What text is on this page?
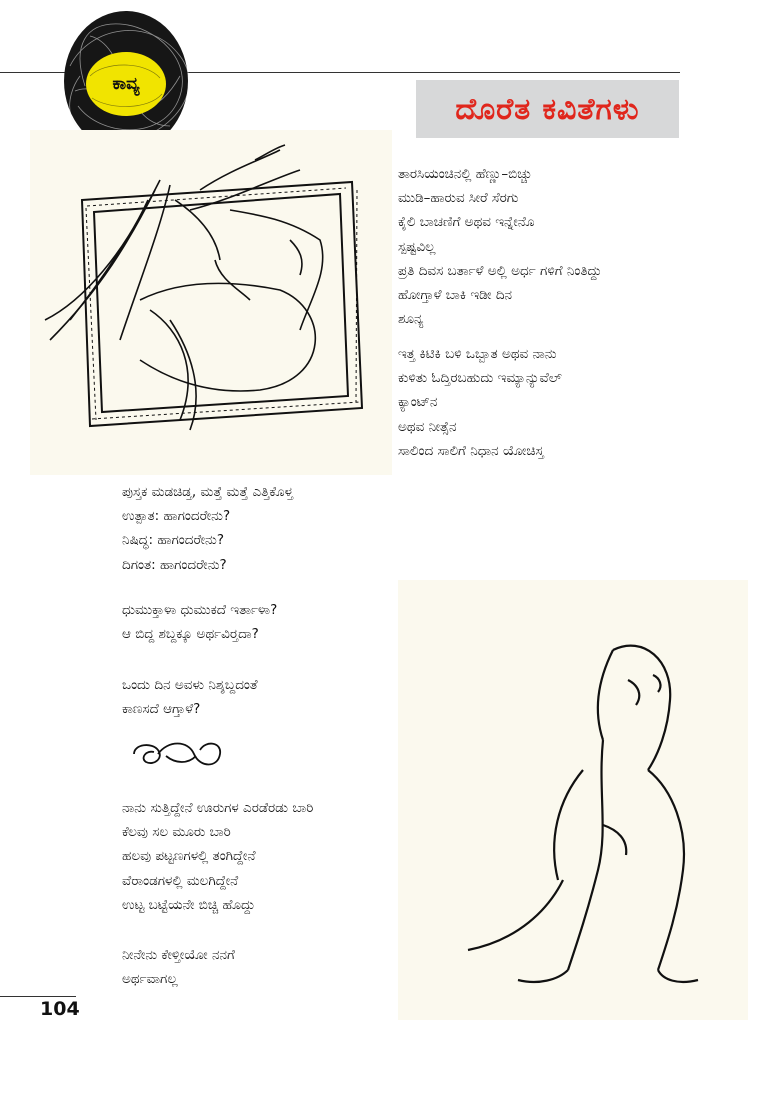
ಕಾವ್ಯ
ದೊರೆತ ಕವಿತೆಗಳು
ತಾರಸಿಯಂಚಿನಲ್ಲಿ ಹೆಣ್ಣು–ಬಿಚ್ಚು
ಮುಡಿ–ಹಾರುವ ಸೀರೆ ಸೆರಗು
ಕೈಲಿ ಬಾಚಣಿಗೆ ಅಥವ ಇನ್ನೇನೊ
ಸ್ಪಷ್ಟವಿಲ್ಲ
ಪ್ರತಿ ದಿವಸ ಬರ್ತಾಳೆ ಅಲ್ಲಿ ಅರ್ಧ ಗಳಿಗೆ ನಿಂತಿದ್ದು
ಹೋಗ್ತಾಳೆ ಬಾಕಿ ಇಡೀ ದಿನ
ಶೂನ್ಯ
ಇತ್ತ ಕಿಟಿಕಿ ಬಳಿ ಒಬ್ಬಾತ ಅಥವ ನಾನು
ಕುಳಿತು ಓದ್ತಿರಬಹುದು ಇಮ್ಯಾನ್ಯುವೆಲ್
ಕ್ಯಾಂಟ್‌ನ
ಅಥವ ನೀತ್ಸೆನ
ಸಾಲಿಂದ ಸಾಲಿಗೆ ನಿಧಾನ ಯೋಚಿಸ್ತ
ಪುಸ್ತಕ ಮಡಚಿಡ್ತ, ಮತ್ತೆ ಮತ್ತೆ ಎತ್ತಿಕೊಳ್ತ
ಉತ್ಪಾತ: ಹಾಗಂದರೇನು?
ನಿಷಿದ್ಧ: ಹಾಗಂದರೇನು?
ದಿಗಂತ: ಹಾಗಂದರೇನು?
ಧುಮುಕ್ತಾಳಾ ಧುಮುಕದೆ ಇರ್ತಾಳಾ?
ಆ ಬಿದ್ದ ಶಬ್ದಕ್ಕೂ ಅರ್ಥವಿರ್‍ತದಾ?
ಒಂದು ದಿನ ಅವಳು ನಿಶ್ಶಬ್ದದಂತೆ
ಕಾಣಸದೆ ಆಗ್ತಾಳೆ?
ನಾನು ಸುತ್ತಿದ್ದೇನೆ ಊರುಗಳ ಎರಡೆರಡು ಬಾರಿ
ಕೆಲವು ಸಲ ಮೂರು ಬಾರಿ
ಹಲವು ಪಟ್ಟಣಗಳಲ್ಲಿ ತಂಗಿದ್ದೇನೆ
ವೆರಾಂಡಗಳಲ್ಲಿ ಮಲಗಿದ್ದೇನೆ
ಉಟ್ಟ ಬಟ್ಟೆಯನೇ ಬಿಚ್ಚಿ ಹೊದ್ದು
ನೀನೇನು ಕೇಳ್ತೀಯೋ ನನಗೆ
ಅರ್ಥವಾಗಲ್ಲ
104
